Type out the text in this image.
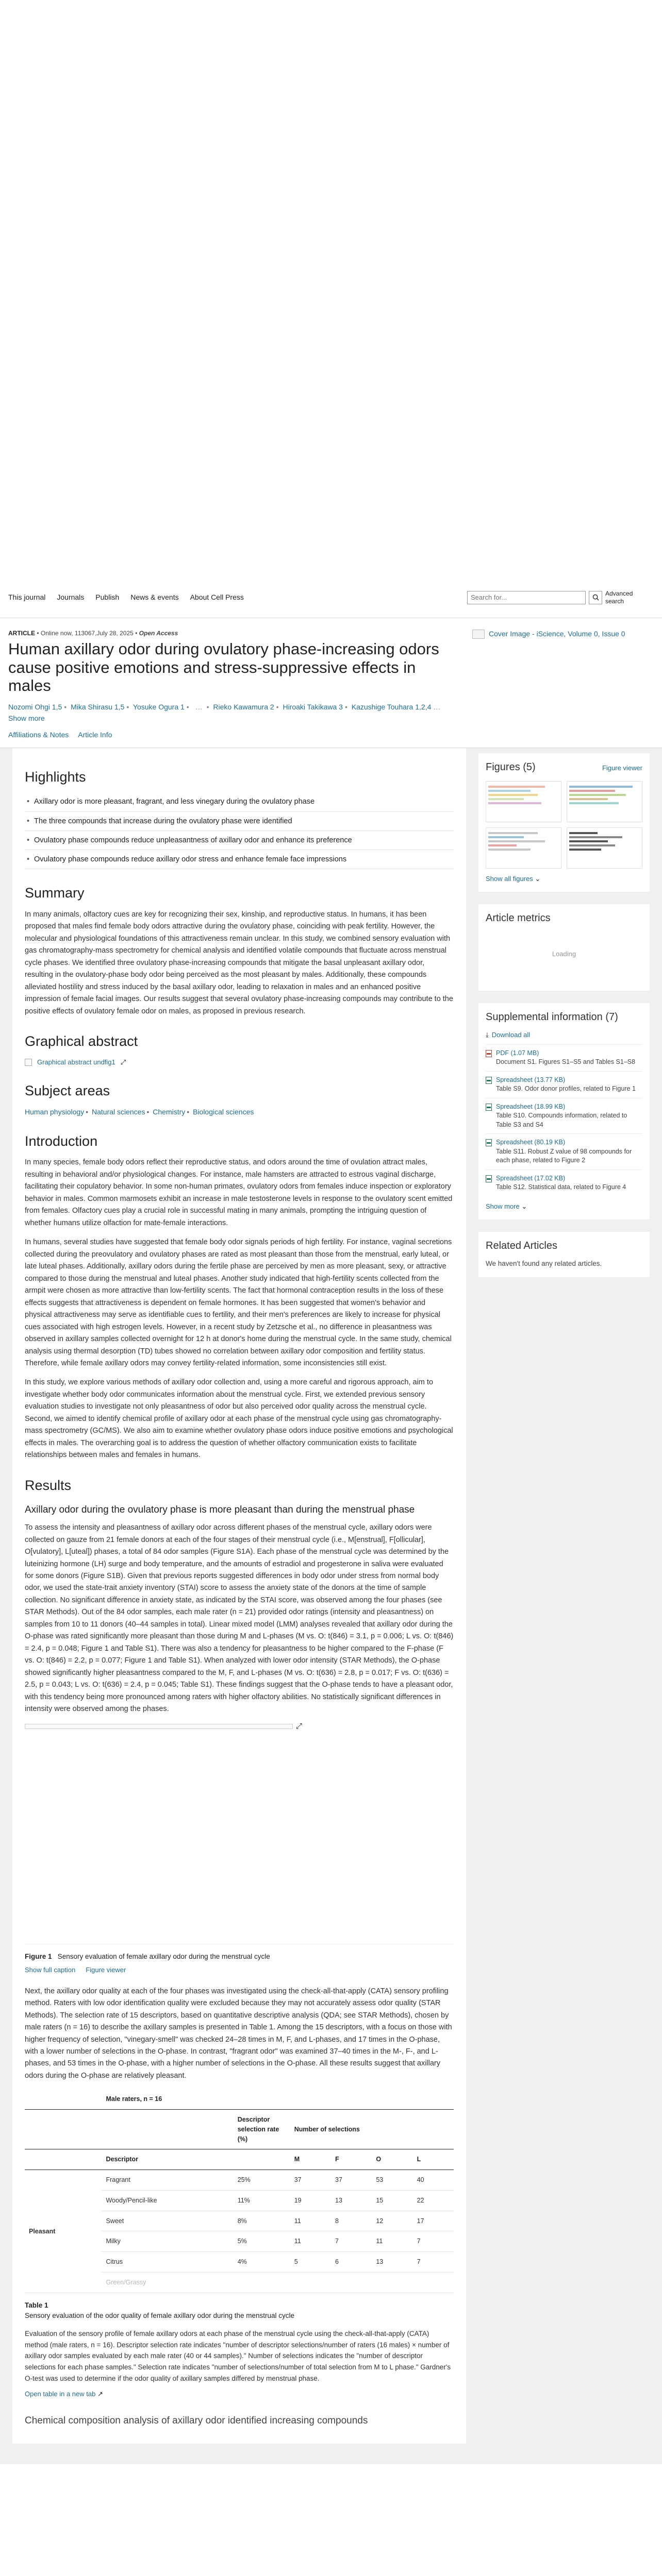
This journal Journals Publish News & events About Cell Press
Search for...	Advanced search
ARTICLE • Online now, 113067,July 28, 2025 • Open Access
Human axillary odor during ovulatory phase-increasing odors cause positive emotions and stress-suppressive effects in males
Nozomi Ohgi 1,5 • Mika Shirasu 1,5 • Yosuke Ogura 1 • … • Rieko Kawamura 2 • Hiroaki Takikawa 3 • Kazushige Touhara 1,2,4 … Show more
Affiliations & Notes Article Info
Cover Image - iScience, Volume 0, Issue 0
Highlights
• Axillary odor is more pleasant, fragrant, and less vinegary during the ovulatory phase
• The three compounds that increase during the ovulatory phase were identified
• Ovulatory phase compounds reduce unpleasantness of axillary odor and enhance its preference
• Ovulatory phase compounds reduce axillary odor stress and enhance female face impressions
Summary

In many animals, olfactory cues are key for recognizing their sex, kinship, and reproductive status. In humans, it has been proposed that males find female body odors attractive during the ovulatory phase, coinciding with peak fertility. However, the molecular and physiological foundations of this attractiveness remain unclear. In this study, we combined sensory evaluation with gas chromatography-mass spectrometry for chemical analysis and identified volatile compounds that fluctuate across menstrual cycle phases. We identified three ovulatory phase-increasing compounds that mitigate the basal unpleasant axillary odor, resulting in the ovulatory-phase body odor being perceived as the most pleasant by males. Additionally, these compounds alleviated hostility and stress induced by the basal axillary odor, leading to relaxation in males and an enhanced positive impression of female facial images. Our results suggest that several ovulatory phase-increasing compounds may contribute to the positive effects of ovulatory female odor on males, as proposed in previous research.

Graphical abstract
Graphical abstract undfig1 ⤢
Subject areas
Human physiology • Natural sciences • Chemistry • Biological sciences
Introduction

In many species, female body odors reflect their reproductive status, and odors around the time of ovulation attract males, resulting in behavioral and/or physiological changes. For instance, male hamsters are attracted to estrous vaginal discharge, facilitating their copulatory behavior. In some non-human primates, ovulatory odors from females induce inspection or exploratory behavior in males. Common marmosets exhibit an increase in male testosterone levels in response to the ovulatory scent emitted from females. Olfactory cues play a crucial role in successful mating in many animals, prompting the intriguing question of whether humans utilize olfaction for mate-female interactions.

In humans, several studies have suggested that female body odor signals periods of high fertility. For instance, vaginal secretions collected during the preovulatory and ovulatory phases are rated as most pleasant than those from the menstrual, early luteal, or late luteal phases. Additionally, axillary odors during the fertile phase are perceived by men as more pleasant, sexy, or attractive compared to those during the menstrual and luteal phases. Another study indicated that high-fertility scents collected from the armpit were chosen as more attractive than low-fertility scents. The fact that hormonal contraception results in the loss of these effects suggests that attractiveness is dependent on female hormones. It has been suggested that women's behavior and physical attractiveness may serve as identifiable cues to fertility, and their men's preferences are likely to increase for physical cues associated with high estrogen levels. However, in a recent study by Zetzsche et al., no difference in pleasantness was observed in axillary samples collected overnight for 12 h at donor's home during the menstrual cycle. In the same study, chemical analysis using thermal desorption (TD) tubes showed no correlation between axillary odor composition and fertility status. Therefore, while female axillary odors may convey fertility-related information, some inconsistencies still exist.

In this study, we explore various methods of axillary odor collection and, using a more careful and rigorous approach, aim to investigate whether body odor communicates information about the menstrual cycle. First, we extended previous sensory evaluation studies to investigate not only pleasantness of odor but also perceived odor quality across the menstrual cycle. Second, we aimed to identify chemical profile of axillary odor at each phase of the menstrual cycle using gas chromatography-mass spectrometry (GC/MS). We also aim to examine whether ovulatory phase odors induce positive emotions and psychological effects in males. The overarching goal is to address the question of whether olfactory communication exists to facilitate relationships between males and females in humans.

Results
Axillary odor during the ovulatory phase is more pleasant than during the menstrual phase

To assess the intensity and pleasantness of axillary odor across different phases of the menstrual cycle, axillary odors were collected on gauze from 21 female donors at each of the four stages of their menstrual cycle (i.e., M[enstrual], F[ollicular], O[vulatory], L[uteal]) phases, a total of 84 odor samples (Figure S1A). Each phase of the menstrual cycle was determined by the luteinizing hormone (LH) surge and body temperature, and the amounts of estradiol and progesterone in saliva were evaluated for some donors (Figure S1B). Given that previous reports suggested differences in body odor under stress from normal body odor, we used the state-trait anxiety inventory (STAI) score to assess the anxiety state of the donors at the time of sample collection. No significant difference in anxiety state, as indicated by the STAI score, was observed among the four phases (see STAR Methods). Out of the 84 odor samples, each male rater (n = 21) provided odor ratings (intensity and pleasantness) on samples from 10 to 11 donors (40–44 samples in total). Linear mixed model (LMM) analyses revealed that axillary odor during the O-phase was rated significantly more pleasant than those during M and L-phases (M vs. O: t(846) = 3.1, p = 0.006; L vs. O: t(846) = 2.4, p = 0.048; Figure 1 and Table S1). There was also a tendency for pleasantness to be higher compared to the F-phase (F vs. O: t(846) = 2.2, p = 0.077; Figure 1 and Table S1). When analyzed with lower odor intensity (STAR Methods), the O-phase showed significantly higher pleasantness compared to the M, F, and L-phases (M vs. O: t(636) = 2.8, p = 0.017; F vs. O: t(636) = 2.5, p = 0.043; L vs. O: t(636) = 2.4, p = 0.045; Table S1). These findings suggest that the O-phase tends to have a pleasant odor, with this tendency being more pronounced among raters with higher olfactory abilities. No statistically significant differences in intensity were observed among the phases.

⤢
Figure 1 Sensory evaluation of female axillary odor during the menstrual cycle
Show full caption Figure viewer

Next, the axillary odor quality at each of the four phases was investigated using the check-all-that-apply (CATA) sensory profiling method. Raters with low odor identification quality were excluded because they may not accurately assess odor quality (STAR Methods). The selection rate of 15 descriptors, based on quantitative descriptive analysis (QDA; see STAR Methods), chosen by male raters (n = 16) to describe the axillary samples is presented in Table 1. Among the 15 descriptors, with a focus on those with higher frequency of selection, "vinegary-smell" was checked 24–28 times in M, F, and L-phases, and 17 times in the O-phase, with a lower number of selections in the O-phase. In contrast, "fragrant odor" was examined 37–40 times in the M-, F-, and L-phases, and 53 times in the O-phase, with a higher number of selections in the O-phase. All these results suggest that axillary odors during the O-phase are relatively pleasant.

	Male raters, n = 16					
		Descriptor selection rate (%)	Number of selections			
	Descriptor		M	F	O	L
Pleasant	Fragrant	25%	37	37	53	40
	Woody/Pencil-like	11%	19	13	15	22
	Sweet	8%	11	8	12	17
	Milky	5%	11	7	11	7
	Citrus	4%	5	6	13	7
	Green/Grassy					
Table 1
Sensory evaluation of the odor quality of female axillary odor during the menstrual cycle

Evaluation of the sensory profile of female axillary odors at each phase of the menstrual cycle using the check-all-that-apply (CATA) method (male raters, n = 16). Descriptor selection rate indicates "number of descriptor selections/number of raters (16 males) × number of axillary odor samples evaluated by each male rater (40 or 44 samples)." Number of selections indicates the "number of descriptor selections for each phase samples." Selection rate indicates "number of selections/number of total selection from M to L phase." Gardner's O-test was used to determine if the odor quality of axillary samples differed by menstrual phase.

Open table in a new tab ↗
Chemical composition analysis of axillary odor identified increasing compounds
Figures (5)	Figure viewer
Show all figures ⌄
Article metrics
Loading
Supplemental information (7)
⤓ Download all
PDF (1.07 MB)
Document S1. Figures S1–S5 and Tables S1–S8
Spreadsheet (13.77 KB)
Table S9. Odor donor profiles, related to Figure 1
Spreadsheet (18.99 KB)
Table S10. Compounds information, related to Table S3 and S4
Spreadsheet (80.19 KB)
Table S11. Robust Z value of 98 compounds for each phase, related to Figure 2
Spreadsheet (17.02 KB)
Table S12. Statistical data, related to Figure 4
Show more ⌄
Related Articles
We haven't found any related articles.
